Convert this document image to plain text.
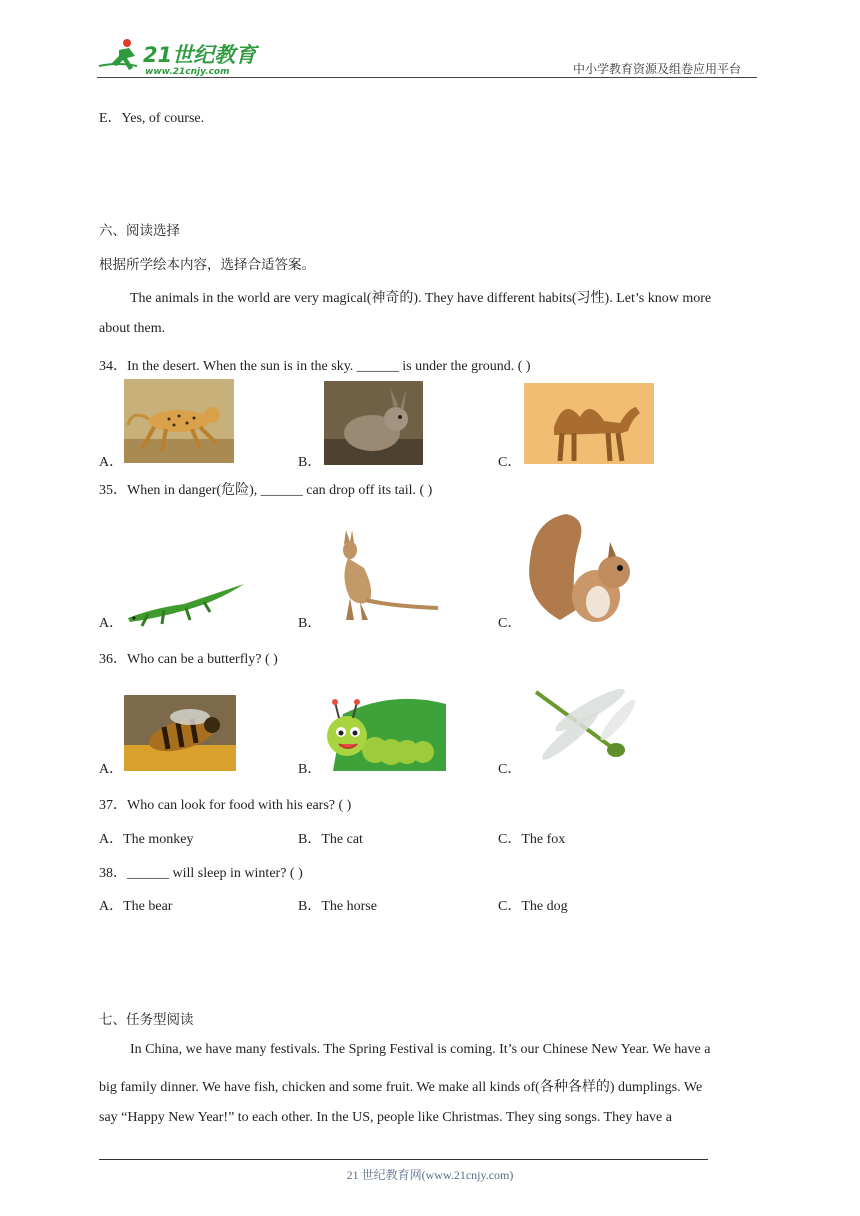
21世纪教育
www.21cnjy.com	中小学教育资源及组卷应用平台
E．Yes, of course.
六、阅读选择
根据所学绘本内容，选择合适答案。
The animals in the world are very magical(神奇的). They have different habits(习性). Let’s know more
about them.
34．In the desert. When the sun is in the sky. ______ is under the ground. ( )
A．	B．	C．
35．When in danger(危险), ______ can drop off its tail. ( )
A．	B．	C．
36．Who can be a butterfly? ( )
A．	B．	C．
37．Who can look for food with his ears? ( )
A．The monkey	B．The cat	C．The fox
38．______ will sleep in winter? ( )
A．The bear	B．The horse	C．The dog
七、任务型阅读
In China, we have many festivals. The Spring Festival is coming. It’s our Chinese New Year. We have a
big family dinner. We have fish, chicken and some fruit. We make all kinds of(各种各样的) dumplings. We
say “Happy New Year!” to each other. In the US, people like Christmas. They sing songs. They have a
21 世纪教育网(www.21cnjy.com)
